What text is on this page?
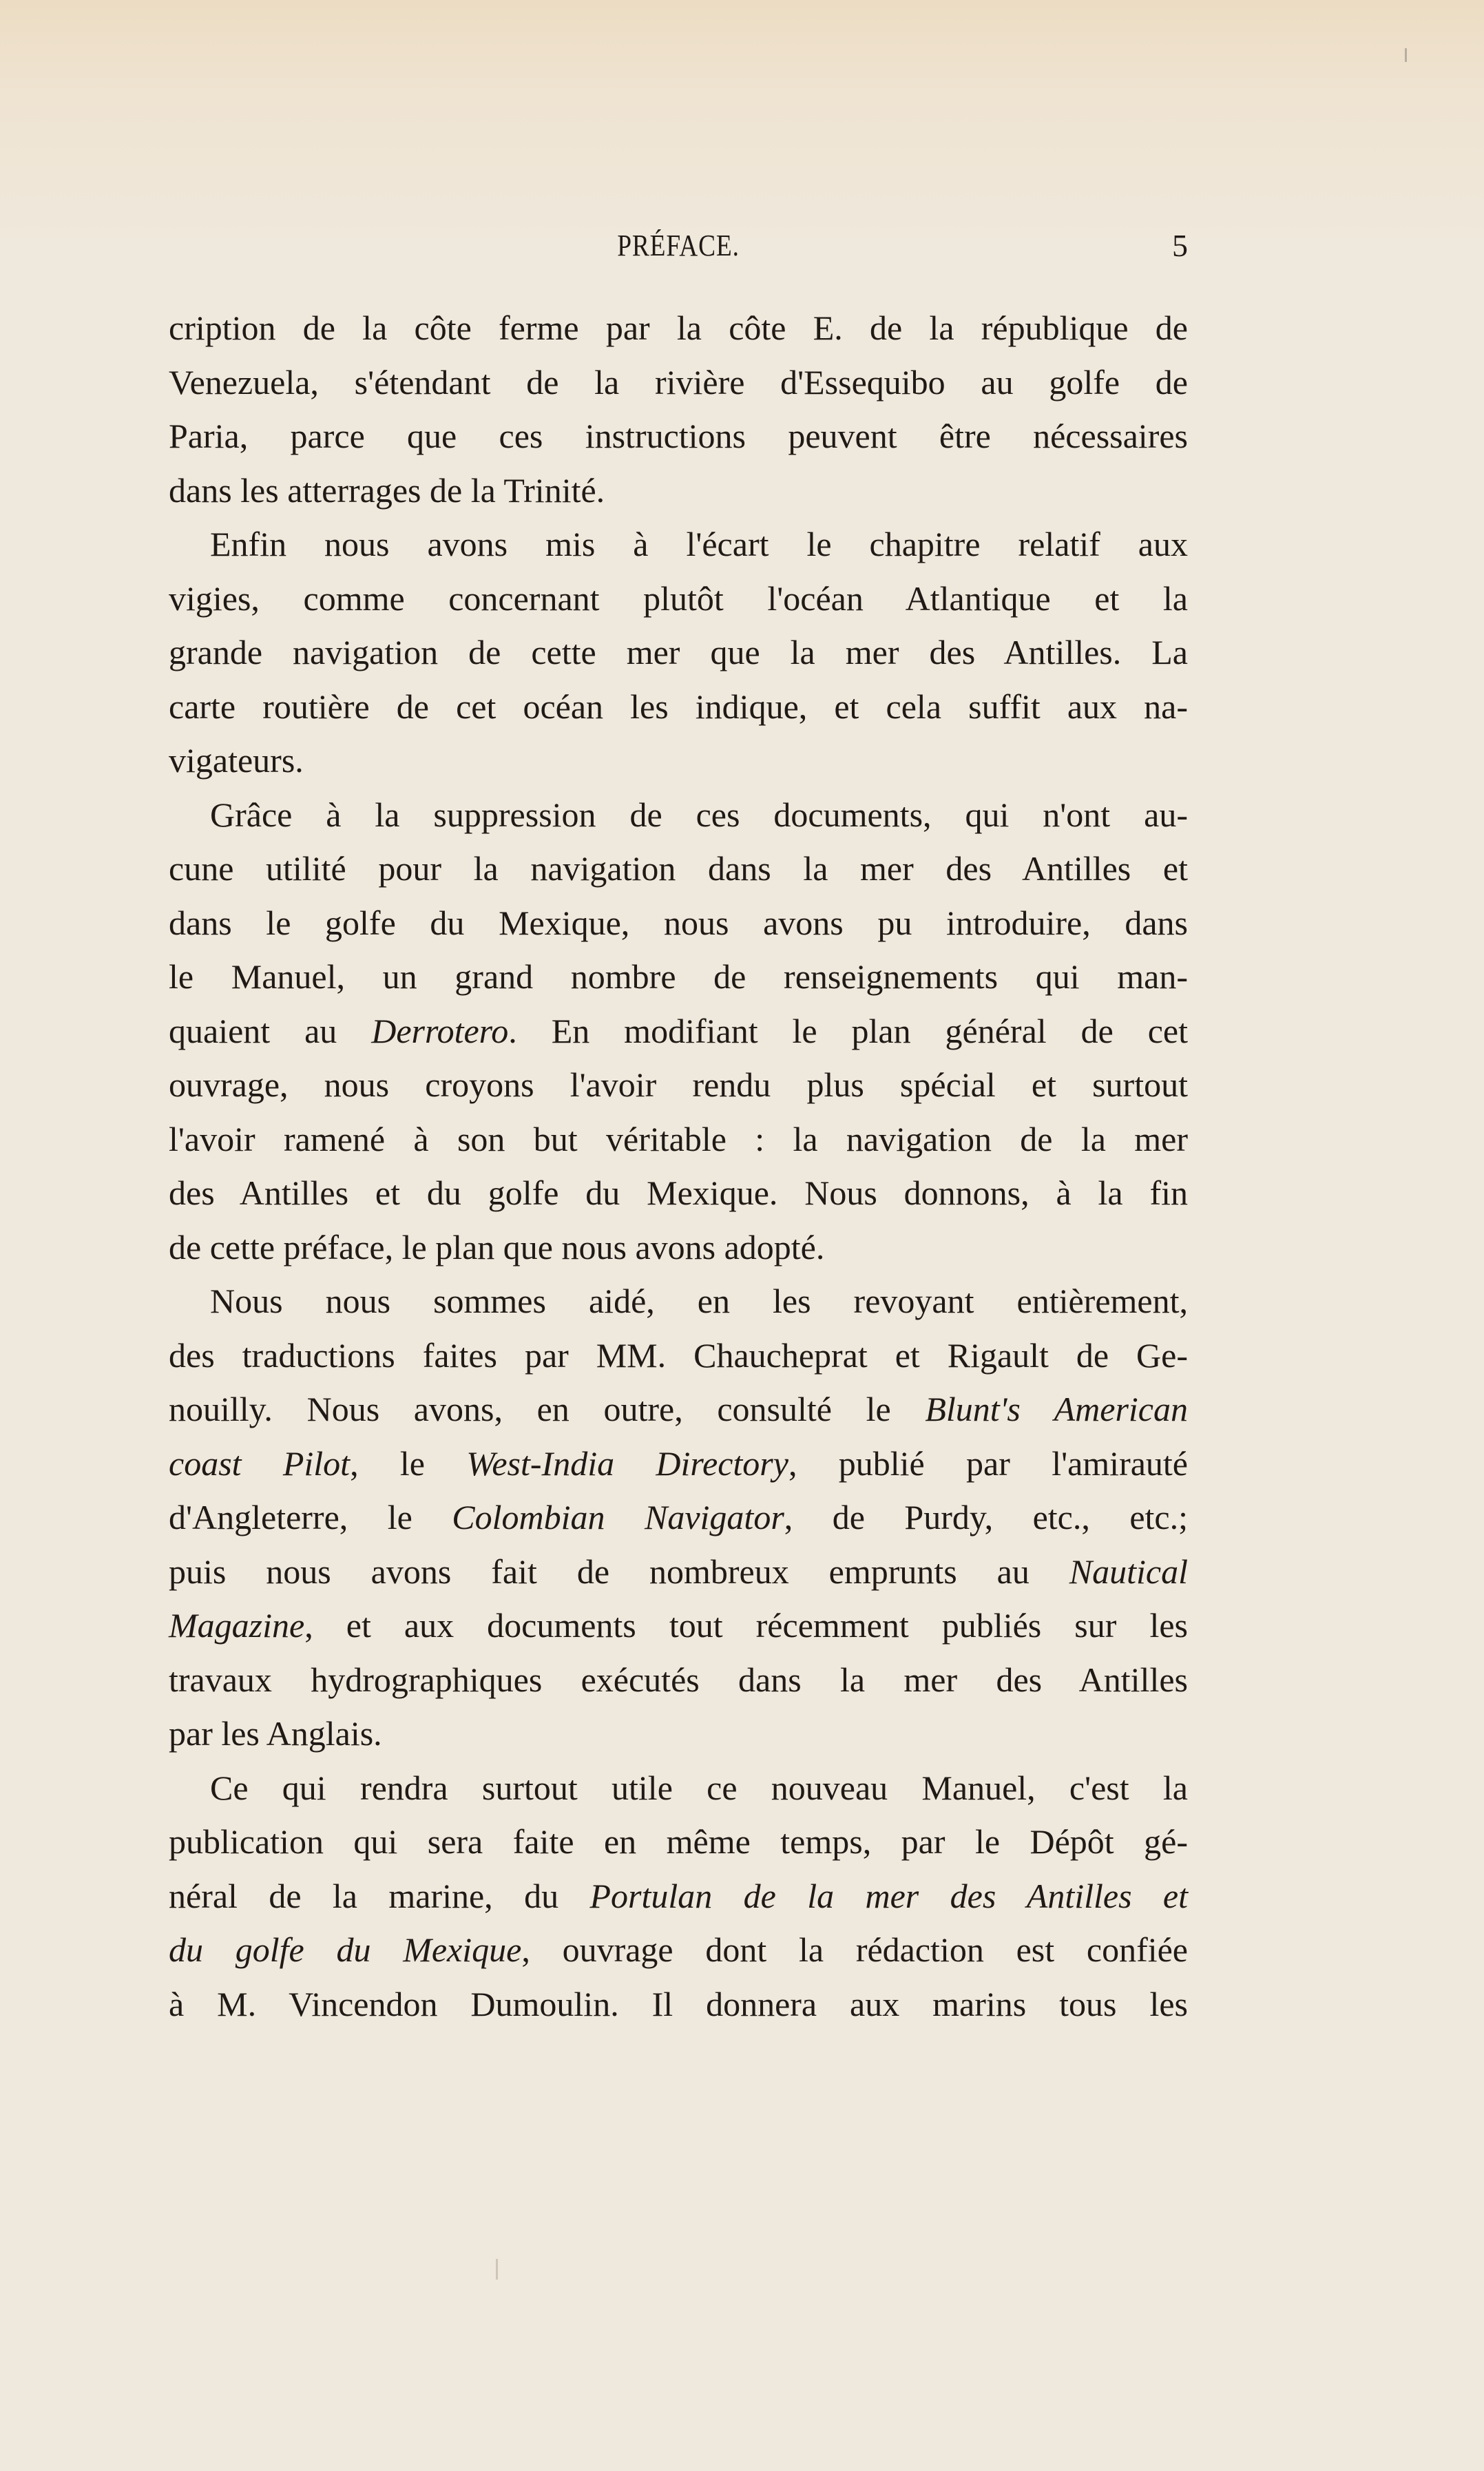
PRÉFACE.	5
cription de la côte ferme par la côte E. de la république de
Venezuela, s'étendant de la rivière d'Essequibo au golfe de
Paria, parce que ces instructions peuvent être nécessaires
dans les atterrages de la Trinité.
Enfin nous avons mis à l'écart le chapitre relatif aux
vigies, comme concernant plutôt l'océan Atlantique et la
grande navigation de cette mer que la mer des Antilles. La
carte routière de cet océan les indique, et cela suffit aux na-
vigateurs.
Grâce à la suppression de ces documents, qui n'ont au-
cune utilité pour la navigation dans la mer des Antilles et
dans le golfe du Mexique, nous avons pu introduire, dans
le Manuel, un grand nombre de renseignements qui man-
quaient au Derrotero. En modifiant le plan général de cet
ouvrage, nous croyons l'avoir rendu plus spécial et surtout
l'avoir ramené à son but véritable : la navigation de la mer
des Antilles et du golfe du Mexique. Nous donnons, à la fin
de cette préface, le plan que nous avons adopté.
Nous nous sommes aidé, en les revoyant entièrement,
des traductions faites par MM. Chauchеprat et Rigault de Ge-
nouilly. Nous avons, en outre, consulté le Blunt's American
coast Pilot, le West-India Directory, publié par l'amirauté
d'Angleterre, le Colombian Navigator, de Purdy, etc., etc.;
puis nous avons fait de nombreux emprunts au Nautical
Magazine, et aux documents tout récemment publiés sur les
travaux hydrographiques exécutés dans la mer des Antilles
par les Anglais.
Ce qui rendra surtout utile ce nouveau Manuel, c'est la
publication qui sera faite en même temps, par le Dépôt gé-
néral de la marine, du Portulan de la mer des Antilles et
du golfe du Mexique, ouvrage dont la rédaction est confiée
à M. Vincendon Dumoulin. Il donnera aux marins tous les
